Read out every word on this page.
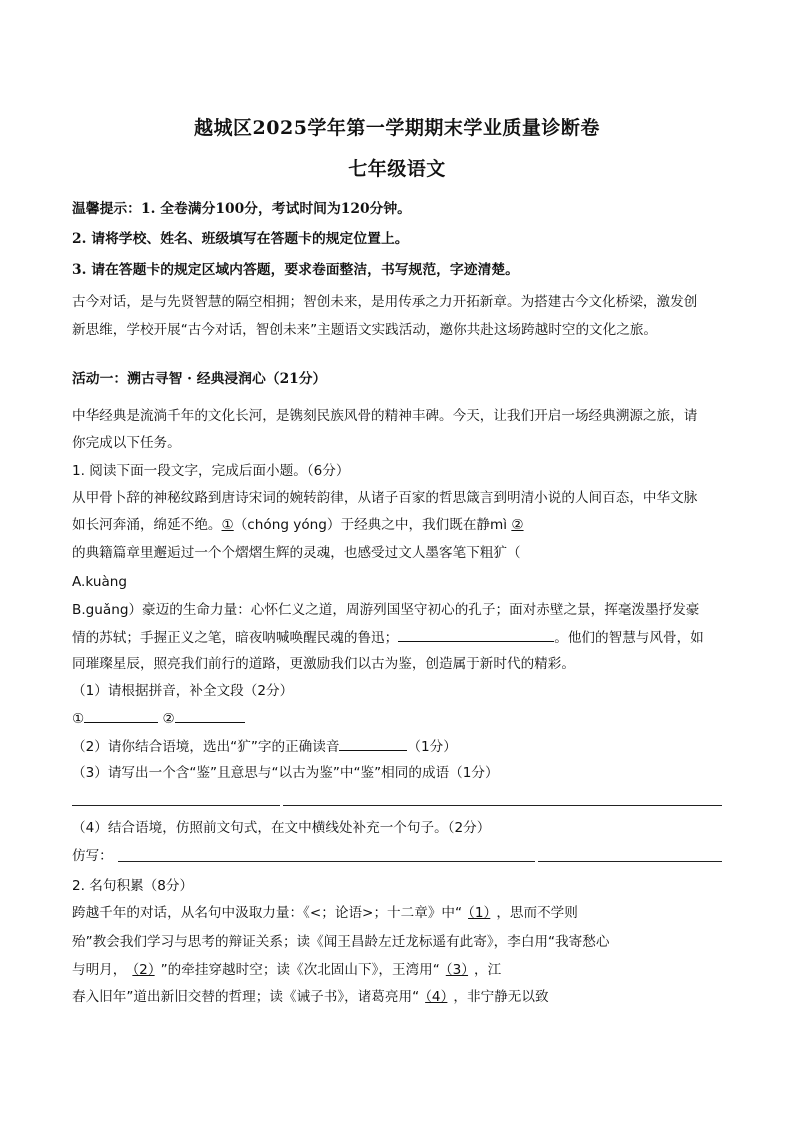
越城区2025学年第一学期期末学业质量诊断卷
七年级语文
温馨提示：1. 全卷满分100分，考试时间为120分钟。
2. 请将学校、姓名、班级填写在答题卡的规定位置上。
3. 请在答题卡的规定区域内答题，要求卷面整洁，书写规范，字迹清楚。
古今对话，是与先贤智慧的隔空相拥；智创未来，是用传承之力开拓新章。为搭建古今文化桥梁，激发创
新思维，学校开展“古今对话，智创未来”主题语文实践活动，邀你共赴这场跨越时空的文化之旅。
活动一：溯古寻智 · 经典浸润心（21分）
中华经典是流淌千年的文化长河，是镌刻民族风骨的精神丰碑。今天，让我们开启一场经典溯源之旅，请
你完成以下任务。
1. 阅读下面一段文字，完成后面小题。（6分）
从甲骨卜辞的神秘纹路到唐诗宋词的婉转韵律，从诸子百家的哲思箴言到明清小说的人间百态，中华文脉
如长河奔涌，绵延不绝。①（chóng yóng）于经典之中，我们既在静mì ②
的典籍篇章里邂逅过一个个熠熠生辉的灵魂，也感受过文人墨客笔下粗犷（
A.kuàng
B.guǎng）豪迈的生命力量：心怀仁义之道，周游列国坚守初心的孔子；面对赤壁之景，挥毫泼墨抒发豪
情的苏轼；手握正义之笔，暗夜呐喊唤醒民魂的鲁迅；	。他们的智慧与风骨，如
同璀璨星辰，照亮我们前行的道路，更激励我们以古为鉴，创造属于新时代的精彩。
（1）请根据拼音，补全文段（2分）
①	②
（2）请你结合语境，选出“犷”字的正确读音	（1分）
（3）请写出一个含“鉴”且意思与“以古为鉴”中“鉴”相同的成语（1分）
（4）结合语境，仿照前文句式，在文中横线处补充一个句子。（2分）
仿写：
2. 名句积累（8分）
跨越千年的对话，从名句中汲取力量：《<；论语>；十二章》中“ （1） ，思而不学则
殆”教会我们学习与思考的辩证关系；读《闻王昌龄左迁龙标遥有此寄》，李白用“我寄愁心
与明月， （2） ”的牵挂穿越时空；读《次北固山下》，王湾用“ （3） ，江
春入旧年”道出新旧交替的哲理；读《诫子书》，诸葛亮用“ （4） ，非宁静无以致
